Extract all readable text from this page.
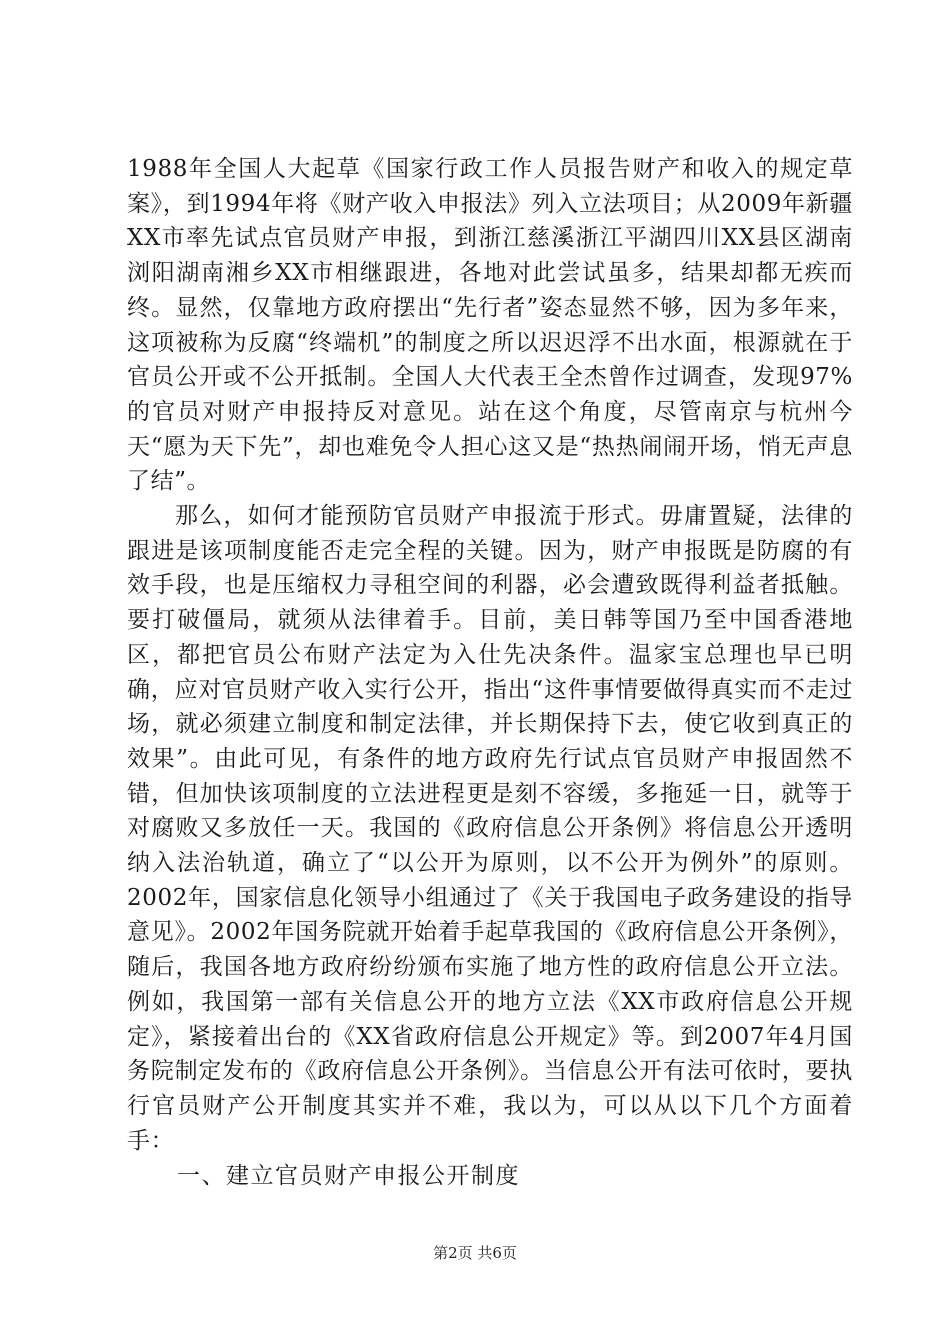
1988年全国人大起草《国家行政工作人员报告财产和收入的规定草案》，到1994年将《财产收入申报法》列入立法项目；从2009年新疆XX市率先试点官员财产申报，到浙江慈溪浙江平湖四川XX县区湖南浏阳湖南湘乡XX市相继跟进，各地对此尝试虽多，结果却都无疾而终。显然，仅靠地方政府摆出“先行者”姿态显然不够，因为多年来，这项被称为反腐“终端机”的制度之所以迟迟浮不出水面，根源就在于官员公开或不公开抵制。全国人大代表王全杰曾作过调查，发现97%的官员对财产申报持反对意见。站在这个角度，尽管南京与杭州今天“愿为天下先”，却也难免令人担心这又是“热热闹闹开场，悄无声息了结”。

那么，如何才能预防官员财产申报流于形式。毋庸置疑，法律的跟进是该项制度能否走完全程的关键。因为，财产申报既是防腐的有效手段，也是压缩权力寻租空间的利器，必会遭致既得利益者抵触。要打破僵局，就须从法律着手。目前，美日韩等国乃至中国香港地区，都把官员公布财产法定为入仕先决条件。温家宝总理也早已明确，应对官员财产收入实行公开，指出“这件事情要做得真实而不走过场，就必须建立制度和制定法律，并长期保持下去，使它收到真正的效果”。由此可见，有条件的地方政府先行试点官员财产申报固然不错，但加快该项制度的立法进程更是刻不容缓，多拖延一日，就等于对腐败又多放任一天。我国的《政府信息公开条例》将信息公开透明纳入法治轨道，确立了“以公开为原则，以不公开为例外”的原则。2002年，国家信息化领导小组通过了《关于我国电子政务建设的指导意见》。2002年国务院就开始着手起草我国的《政府信息公开条例》，随后，我国各地方政府纷纷颁布实施了地方性的政府信息公开立法。例如，我国第一部有关信息公开的地方立法《XX市政府信息公开规定》，紧接着出台的《XX省政府信息公开规定》等。到2007年4月国务院制定发布的《政府信息公开条例》。当信息公开有法可依时，要执行官员财产公开制度其实并不难，我以为，可以从以下几个方面着手：

一、建立官员财产申报公开制度
第2页 共6页
